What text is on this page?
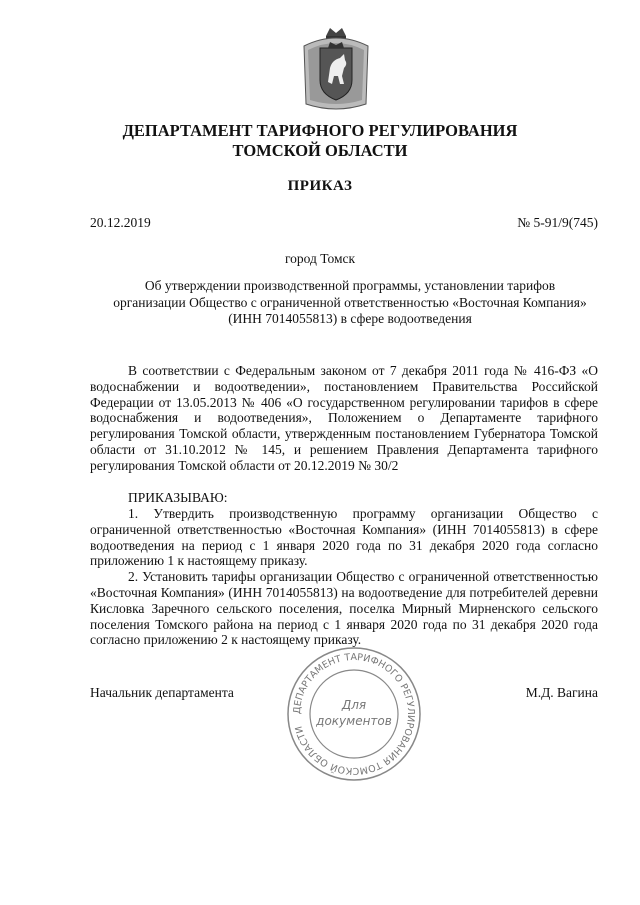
ДЕПАРТАМЕНТ ТАРИФНОГО РЕГУЛИРОВАНИЯ
ТОМСКОЙ ОБЛАСТИ
ПРИКАЗ
20.12.2019	№ 5-91/9(745)
город Томск
Об утверждении производственной программы, установлении тарифов организации Общество с ограниченной ответственностью «Восточная Компания» (ИНН 7014055813) в сфере водоотведения
В соответствии с Федеральным законом от 7 декабря 2011 года № 416-ФЗ «О водоснабжении и водоотведении», постановлением Правительства Российской Федерации от 13.05.2013 № 406 «О государственном регулировании тарифов в сфере водоснабжения и водоотведения», Положением о Департаменте тарифного регулирования Томской области, утвержденным постановлением Губернатора Томской области от 31.10.2012 № 145, и решением Правления Департамента тарифного регулирования Томской области от 20.12.2019 № 30/2
ПРИКАЗЫВАЮ:

1. Утвердить производственную программу организации Общество с ограниченной ответственностью «Восточная Компания» (ИНН 7014055813) в сфере водоотведения на период с 1 января 2020 года по 31 декабря 2020 года согласно приложению 1 к настоящему приказу.

2. Установить тарифы организации Общество с ограниченной ответственностью «Восточная Компания» (ИНН 7014055813) на водоотведение для потребителей деревни Кисловка Заречного сельского поселения, поселка Мирный Мирненского сельского поселения Томского района на период с 1 января 2020 года по 31 декабря 2020 года согласно приложению 2 к настоящему приказу.

ДЕПАРТАМЕНТ ТАРИФНОГО РЕГУЛИРОВАНИЯ ТОМСКОЙ ОБЛАСТИ
Для
документов
Начальник департамента	М.Д. Вагина
